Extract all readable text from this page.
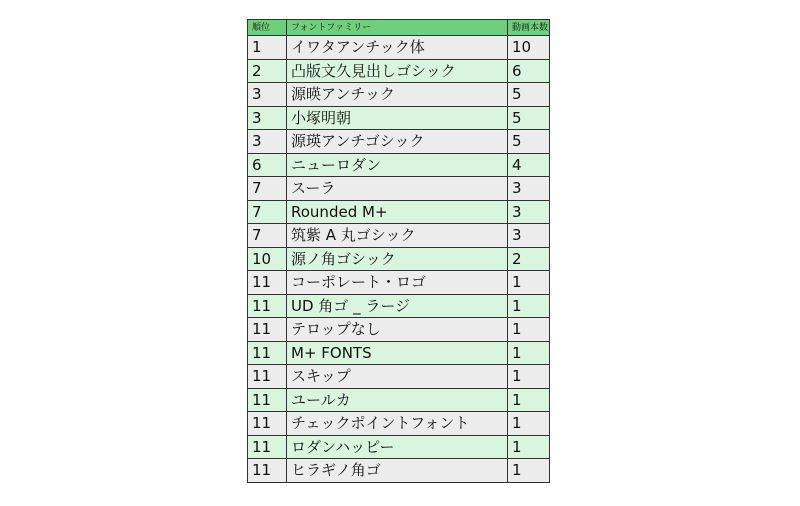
順位	フォントファミリー	動画本数
1	イワタアンチック体	10
2	凸版文久見出しゴシック	6
3	源暎アンチック	5
3	小塚明朝	5
3	源瑛アンチゴシック	5
6	ニューロダン	4
7	スーラ	3
7	Rounded M+	3
7	筑紫 A 丸ゴシック	3
10	源ノ角ゴシック	2
11	コーポレート・ロゴ	1
11	UD 角ゴ _ ラージ	1
11	テロップなし	1
11	M+ FONTS	1
11	スキップ	1
11	ユールカ	1
11	チェックポイントフォント	1
11	ロダンハッピー	1
11	ヒラギノ角ゴ	1
